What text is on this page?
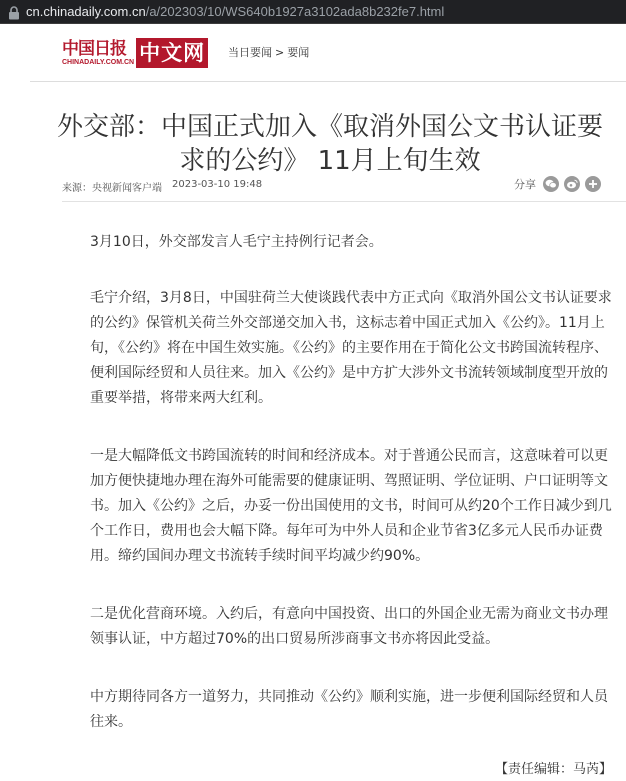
cn.chinadaily.com.cn/a/202303/10/WS640b1927a3102ada8b232fe7.html
中国日报
CHINADAILY.COM.CN 中文网 当日要闻 > 要闻
外交部：中国正式加入《取消外国公文书认证要求的公约》 11月上旬生效
来源：央视新闻客户端 2023-03-10 19:48	分享

3月10日，外交部发言人毛宁主持例行记者会。

毛宁介绍，3月8日，中国驻荷兰大使谈践代表中方正式向《取消外国公文书认证要求的公约》保管机关荷兰外交部递交加入书，这标志着中国正式加入《公约》。11月上旬，《公约》将在中国生效实施。《公约》的主要作用在于简化公文书跨国流转程序、便利国际经贸和人员往来。加入《公约》是中方扩大涉外文书流转领域制度型开放的重要举措，将带来两大红利。

一是大幅降低文书跨国流转的时间和经济成本。对于普通公民而言，这意味着可以更加方便快捷地办理在海外可能需要的健康证明、驾照证明、学位证明、户口证明等文书。加入《公约》之后，办妥一份出国使用的文书，时间可从约20个工作日减少到几个工作日，费用也会大幅下降。每年可为中外人员和企业节省3亿多元人民币办证费用。缔约国间办理文书流转手续时间平均减少约90%。

二是优化营商环境。入约后，有意向中国投资、出口的外国企业无需为商业文书办理领事认证，中方超过70%的出口贸易所涉商事文书亦将因此受益。

中方期待同各方一道努力，共同推动《公约》顺利实施，进一步便利国际经贸和人员往来。

【责任编辑：马芮】
